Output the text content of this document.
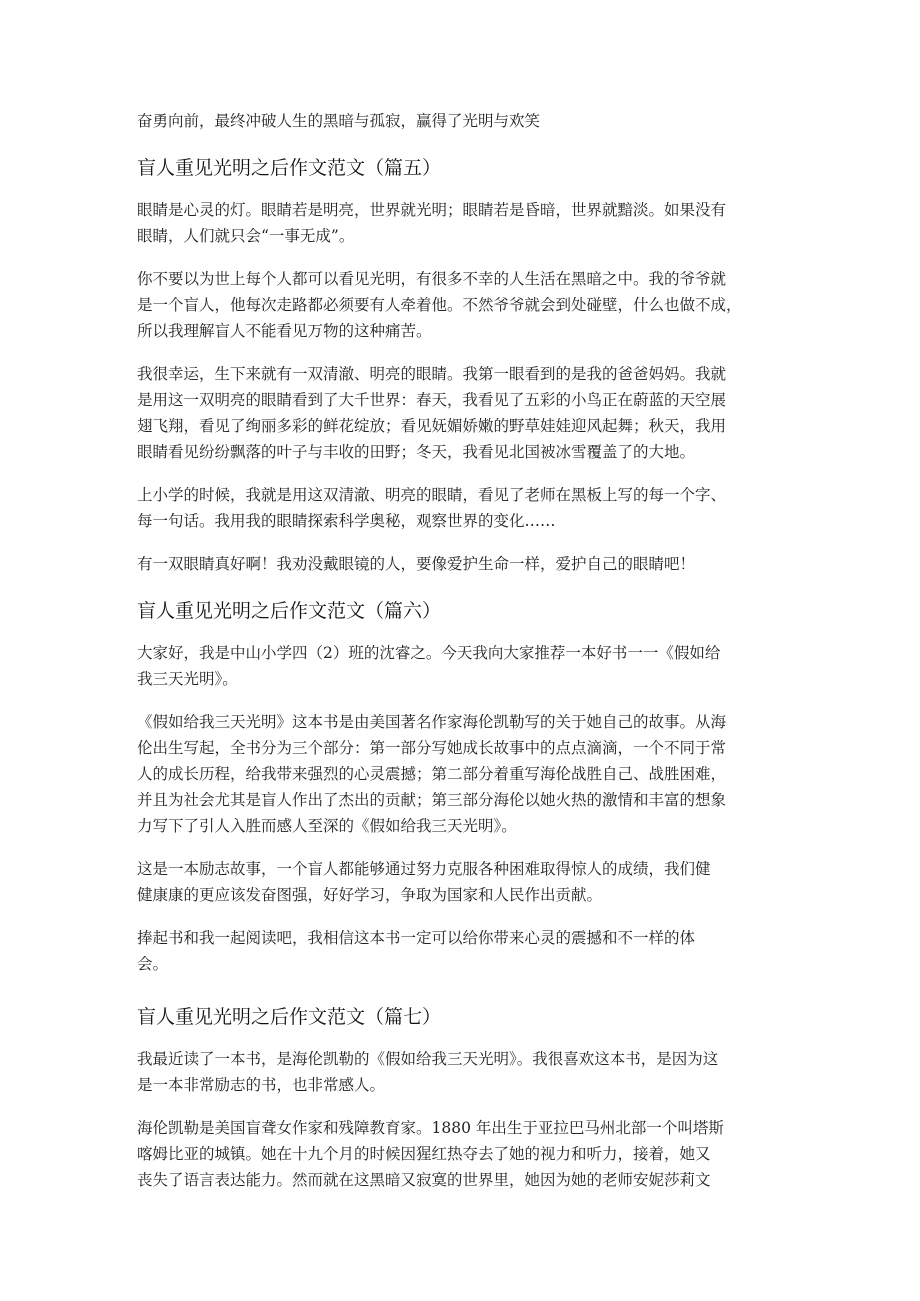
奋勇向前，最终冲破人生的黑暗与孤寂，赢得了光明与欢笑

盲人重见光明之后作文范文（篇五）

眼睛是心灵的灯。眼睛若是明亮，世界就光明；眼睛若是昏暗，世界就黯淡。如果没有
眼睛，人们就只会“一事无成”。

你不要以为世上每个人都可以看见光明，有很多不幸的人生活在黑暗之中。我的爷爷就
是一个盲人，他每次走路都必须要有人牵着他。不然爷爷就会到处碰壁，什么也做不成，
所以我理解盲人不能看见万物的这种痛苦。

我很幸运，生下来就有一双清澈、明亮的眼睛。我第一眼看到的是我的爸爸妈妈。我就
是用这一双明亮的眼睛看到了大千世界：春天，我看见了五彩的小鸟正在蔚蓝的天空展
翅飞翔，看见了绚丽多彩的鲜花绽放；看见妩媚娇嫩的野草娃娃迎风起舞；秋天，我用
眼睛看见纷纷飘落的叶子与丰收的田野；冬天，我看见北国被冰雪覆盖了的大地。

上小学的时候，我就是用这双清澈、明亮的眼睛，看见了老师在黑板上写的每一个字、
每一句话。我用我的眼睛探索科学奥秘，观察世界的变化……

有一双眼睛真好啊！我劝没戴眼镜的人，要像爱护生命一样，爱护自己的眼睛吧！

盲人重见光明之后作文范文（篇六）

大家好，我是中山小学四（2）班的沈睿之。今天我向大家推荐一本好书一一《假如给
我三天光明》。

《假如给我三天光明》这本书是由美国著名作家海伦凯勒写的关于她自己的故事。从海
伦出生写起，全书分为三个部分：第一部分写她成长故事中的点点滴滴，一个不同于常
人的成长历程，给我带来强烈的心灵震撼；第二部分着重写海伦战胜自己、战胜困难，
并且为社会尤其是盲人作出了杰出的贡献；第三部分海伦以她火热的激情和丰富的想象
力写下了引人入胜而感人至深的《假如给我三天光明》。

这是一本励志故事，一个盲人都能够通过努力克服各种困难取得惊人的成绩，我们健
健康康的更应该发奋图强，好好学习，争取为国家和人民作出贡献。

捧起书和我一起阅读吧，我相信这本书一定可以给你带来心灵的震撼和不一样的体
会。

盲人重见光明之后作文范文（篇七）

我最近读了一本书，是海伦凯勒的《假如给我三天光明》。我很喜欢这本书，是因为这
是一本非常励志的书，也非常感人。

海伦凯勒是美国盲聋女作家和残障教育家。1880 年出生于亚拉巴马州北部一个叫塔斯
喀姆比亚的城镇。她在十九个月的时候因猩红热夺去了她的视力和听力，接着，她又
丧失了语言表达能力。然而就在这黑暗又寂寞的世界里，她因为她的老师安妮莎莉文
